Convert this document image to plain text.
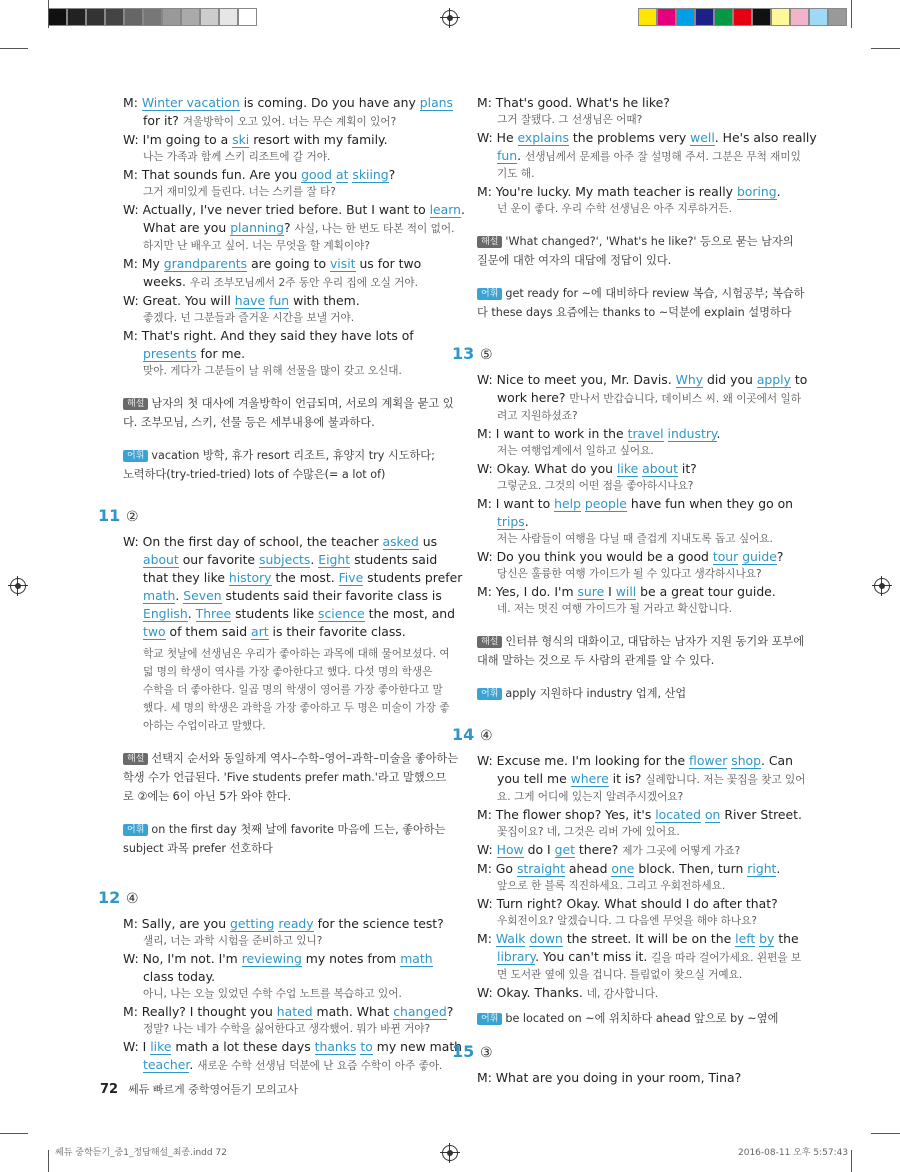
M: Winter vacation is coming. Do you have any plans

for it? 겨울방학이 오고 있어. 너는 무슨 계획이 있어?

W: I'm going to a ski resort with my family.

나는 가족과 함께 스키 리조트에 갈 거야.

M: That sounds fun. Are you good at skiing?

그거 재미있게 들린다. 너는 스키를 잘 타?

W: Actually, I've never tried before. But I want to learn.

What are you planning? 사실, 나는 한 번도 타본 적이 없어.

하지만 난 배우고 싶어. 너는 무엇을 할 계획이야?

M: My grandparents are going to visit us for two

weeks. 우리 조부모님께서 2주 동안 우리 집에 오실 거야.

W: Great. You will have fun with them.

좋겠다. 넌 그분들과 즐거운 시간을 보낼 거야.

M: That's right. And they said they have lots of

presents for me.

맞아. 게다가 그분들이 날 위해 선물을 많이 갖고 오신대.

해설 남자의 첫 대사에 겨울방학이 언급되며, 서로의 계획을 묻고 있

다. 조부모님, 스키, 선물 등은 세부내용에 불과하다.

어휘 vacation 방학, 휴가 resort 리조트, 휴양지 try 시도하다;

노력하다(try-tried-tried) lots of 수많은(= a lot of)

11 ②

W: On the first day of school, the teacher asked us

about our favorite subjects. Eight students said

that they like history the most. Five students prefer

math. Seven students said their favorite class is

English. Three students like science the most, and

two of them said art is their favorite class.

학교 첫날에 선생님은 우리가 좋아하는 과목에 대해 물어보셨다. 여

덟 명의 학생이 역사를 가장 좋아한다고 했다. 다섯 명의 학생은

수학을 더 좋아한다. 일곱 명의 학생이 영어를 가장 좋아한다고 말

했다. 세 명의 학생은 과학을 가장 좋아하고 두 명은 미술이 가장 좋

아하는 수업이라고 말했다.

해설 선택지 순서와 동일하게 역사–수학–영어–과학–미술을 좋아하는

학생 수가 언급된다. 'Five students prefer math.'라고 말했으므

로 ②에는 6이 아닌 5가 와야 한다.

어휘 on the first day 첫째 날에 favorite 마음에 드는, 좋아하는

subject 과목 prefer 선호하다

12 ④

M: Sally, are you getting ready for the science test?

샐리, 너는 과학 시험을 준비하고 있니?

W: No, I'm not. I'm reviewing my notes from math

class today.

아니, 나는 오늘 있었던 수학 수업 노트를 복습하고 있어.

M: Really? I thought you hated math. What changed?

정말? 나는 네가 수학을 싫어한다고 생각했어. 뭐가 바뀐 거야?

W: I like math a lot these days thanks to my new math

teacher. 새로운 수학 선생님 덕분에 난 요즘 수학이 아주 좋아.

M: That's good. What's he like?

그거 잘됐다. 그 선생님은 어때?

W: He explains the problems very well. He's also really

fun. 선생님께서 문제를 아주 잘 설명해 주셔. 그분은 무척 재미있

기도 해.

M: You're lucky. My math teacher is really boring.

넌 운이 좋다. 우리 수학 선생님은 아주 지루하거든.

해설 'What changed?', 'What's he like?' 등으로 묻는 남자의

질문에 대한 여자의 대답에 정답이 있다.

어휘 get ready for ~에 대비하다 review 복습, 시험공부; 복습하

다 these days 요즘에는 thanks to ~덕분에 explain 설명하다

13 ⑤

W: Nice to meet you, Mr. Davis. Why did you apply to

work here? 만나서 반갑습니다, 데이비스 씨. 왜 이곳에서 일하

려고 지원하셨죠?

M: I want to work in the travel industry.

저는 여행업계에서 일하고 싶어요.

W: Okay. What do you like about it?

그렇군요. 그것의 어떤 점을 좋아하시나요?

M: I want to help people have fun when they go on

trips.

저는 사람들이 여행을 다닐 때 즐겁게 지내도록 돕고 싶어요.

W: Do you think you would be a good tour guide?

당신은 훌륭한 여행 가이드가 될 수 있다고 생각하시나요?

M: Yes, I do. I'm sure I will be a great tour guide.

네. 저는 멋진 여행 가이드가 될 거라고 확신합니다.

해설 인터뷰 형식의 대화이고, 대답하는 남자가 지원 동기와 포부에

대해 말하는 것으로 두 사람의 관계를 알 수 있다.

어휘 apply 지원하다 industry 업계, 산업

14 ④

W: Excuse me. I'm looking for the flower shop. Can

you tell me where it is? 실례합니다. 저는 꽃집을 찾고 있어

요. 그게 어디에 있는지 알려주시겠어요?

M: The flower shop? Yes, it's located on River Street.

꽃집이요? 네, 그것은 리버 가에 있어요.

W: How do I get there? 제가 그곳에 어떻게 가죠?

M: Go straight ahead one block. Then, turn right.

앞으로 한 블록 직진하세요. 그리고 우회전하세요.

W: Turn right? Okay. What should I do after that?

우회전이요? 알겠습니다. 그 다음엔 무엇을 해야 하나요?

M: Walk down the street. It will be on the left by the

library. You can't miss it. 길을 따라 걸어가세요. 왼편을 보

면 도서관 옆에 있을 겁니다. 틀림없이 찾으실 거예요.

W: Okay. Thanks. 네, 감사합니다.

어휘 be located on ~에 위치하다 ahead 앞으로 by ~옆에

15 ③

M: What are you doing in your room, Tina?

72 쎄듀 빠르게 중학영어듣기 모의고사
쎄듀 중학듣기_중1_정답해설_최종.indd 72	2016-08-11 오후 5:57:43
